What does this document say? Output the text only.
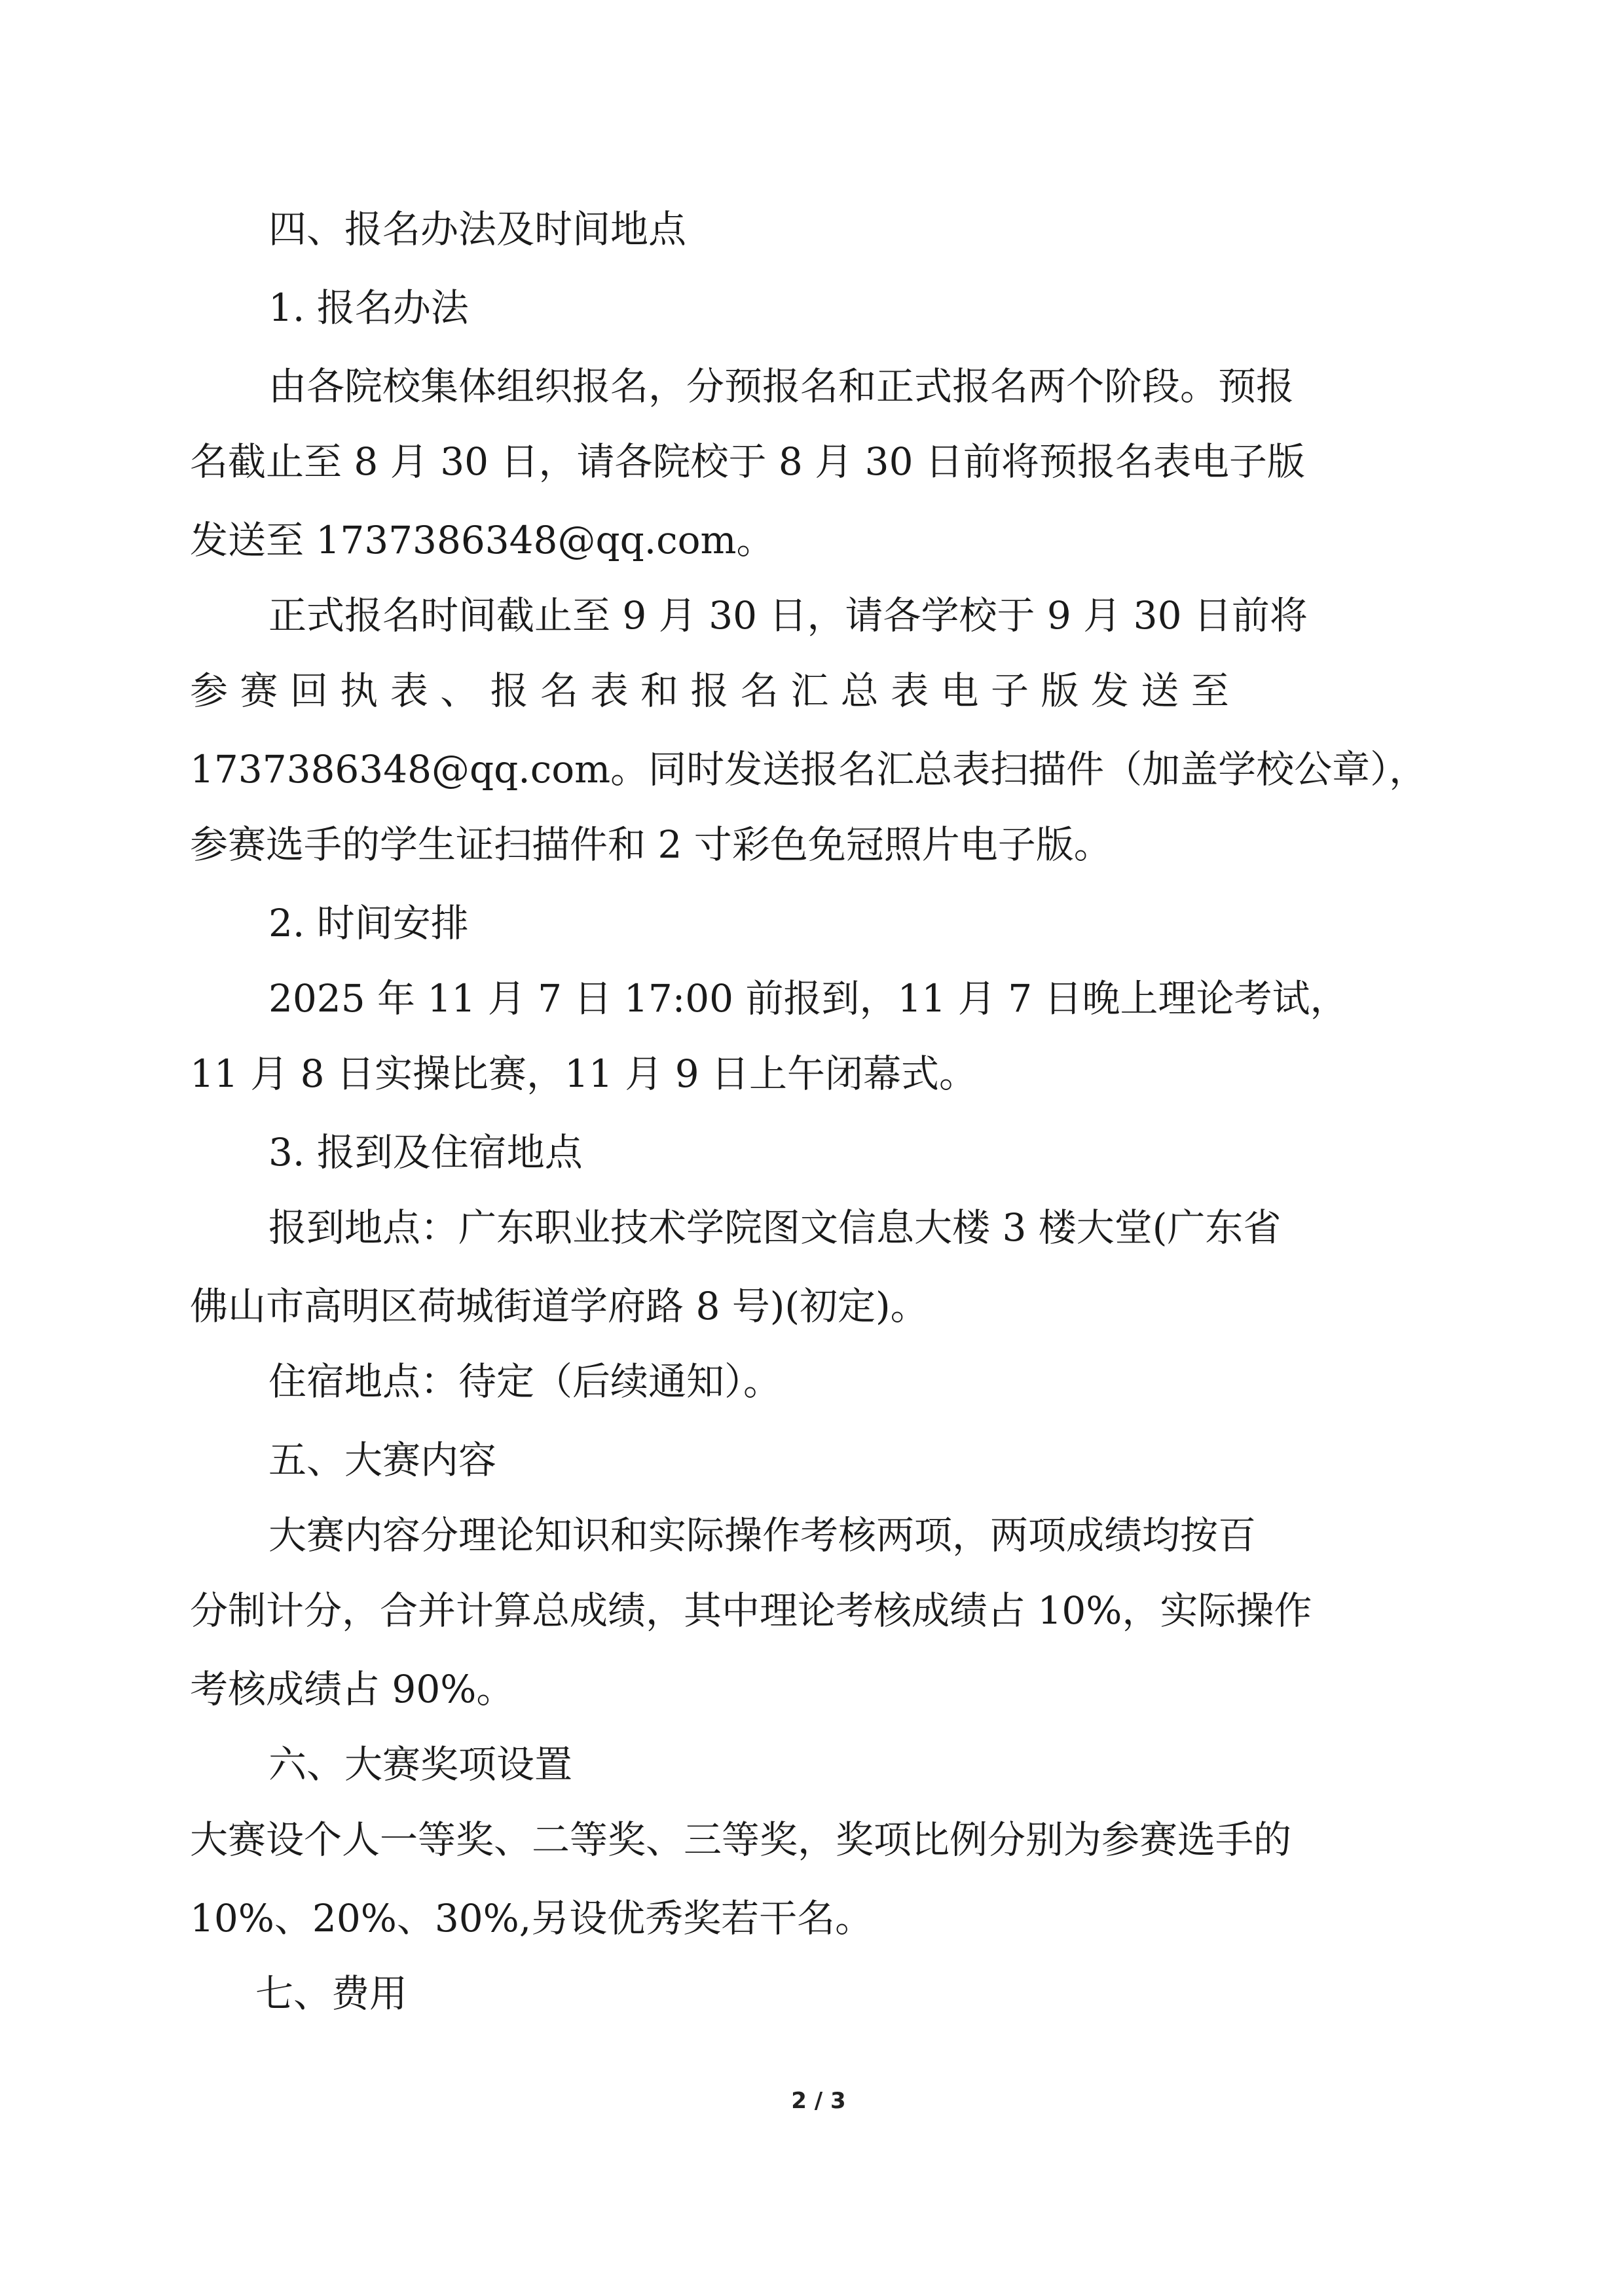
四、报名办法及时间地点
1. 报名办法
由各院校集体组织报名，分预报名和正式报名两个阶段。预报
名截止至 8 月 30 日，请各院校于 8 月 30 日前将预报名表电子版
发送至 1737386348@qq.com。
正式报名时间截止至 9 月 30 日，请各学校于 9 月 30 日前将
参 赛 回 执 表 、 报 名 表 和 报 名 汇 总 表 电 子 版 发 送 至
1737386348@qq.com。同时发送报名汇总表扫描件（加盖学校公章），
参赛选手的学生证扫描件和 2 寸彩色免冠照片电子版。
2. 时间安排
2025 年 11 月 7 日 17:00 前报到，11 月 7 日晚上理论考试，
11 月 8 日实操比赛，11 月 9 日上午闭幕式。
3. 报到及住宿地点
报到地点：广东职业技术学院图文信息大楼 3 楼大堂(广东省
佛山市高明区荷城街道学府路 8 号)(初定)。
住宿地点：待定（后续通知）。
五、大赛内容
大赛内容分理论知识和实际操作考核两项，两项成绩均按百
分制计分，合并计算总成绩，其中理论考核成绩占 10%，实际操作
考核成绩占 90%。
六、大赛奖项设置
大赛设个人一等奖、二等奖、三等奖，奖项比例分别为参赛选手的
10%、20%、30%,另设优秀奖若干名。
七、费用
2 / 3
